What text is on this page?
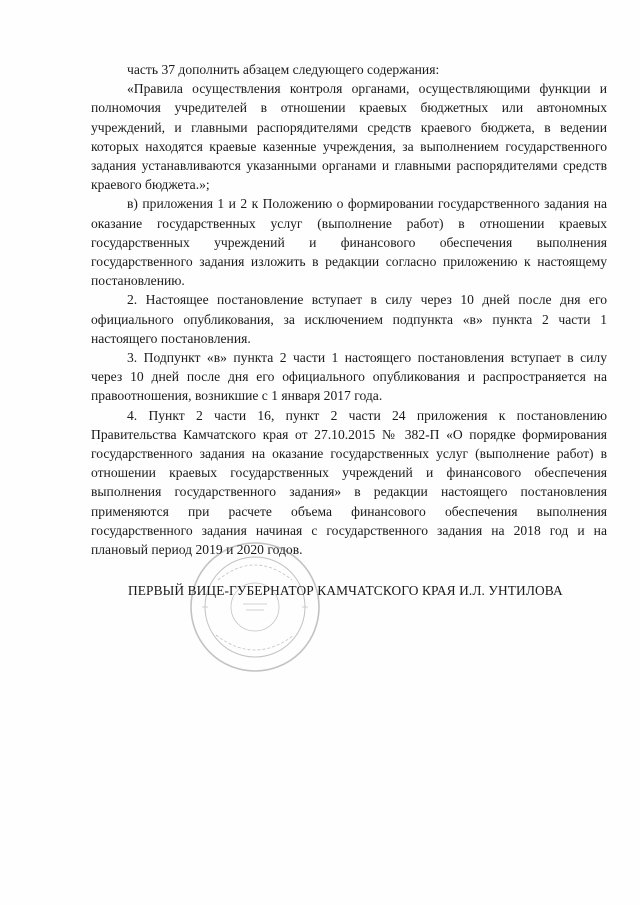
часть 37 дополнить абзацем следующего содержания:

«Правила осуществления контроля органами, осуществляющими функции и полномочия учредителей в отношении краевых бюджетных или автономных учреждений, и главными распорядителями средств краевого бюджета, в ведении которых находятся краевые казенные учреждения, за выполнением государственного задания устанавливаются указанными органами и главными распорядителями средств краевого бюджета.»;

в) приложения 1 и 2 к Положению о формировании государственного задания на оказание государственных услуг (выполнение работ) в отношении краевых государственных учреждений и финансового обеспечения выполнения государственного задания изложить в редакции согласно приложению к настоящему постановлению.

2. Настоящее постановление вступает в силу через 10 дней после дня его официального опубликования, за исключением подпункта «в» пункта 2 части 1 настоящего постановления.

3. Подпункт «в» пункта 2 части 1 настоящего постановления вступает в силу через 10 дней после дня его официального опубликования и распространяется на правоотношения, возникшие с 1 января 2017 года.

4. Пункт 2 части 16, пункт 2 части 24 приложения к постановлению Правительства Камчатского края от 27.10.2015 № 382-П «О порядке формирования государственного задания на оказание государственных услуг (выполнение работ) в отношении краевых государственных учреждений и финансового обеспечения выполнения государственного задания» в редакции настоящего постановления применяются при расчете объема финансового обеспечения выполнения государственного задания начиная с государственного задания на 2018 год и на плановый период 2019 и 2020 годов.

ПЕРВЫЙ ВИЦЕ-ГУБЕРНАТОР КАМЧАТСКОГО КРАЯ И.Л. УНТИЛОВА
